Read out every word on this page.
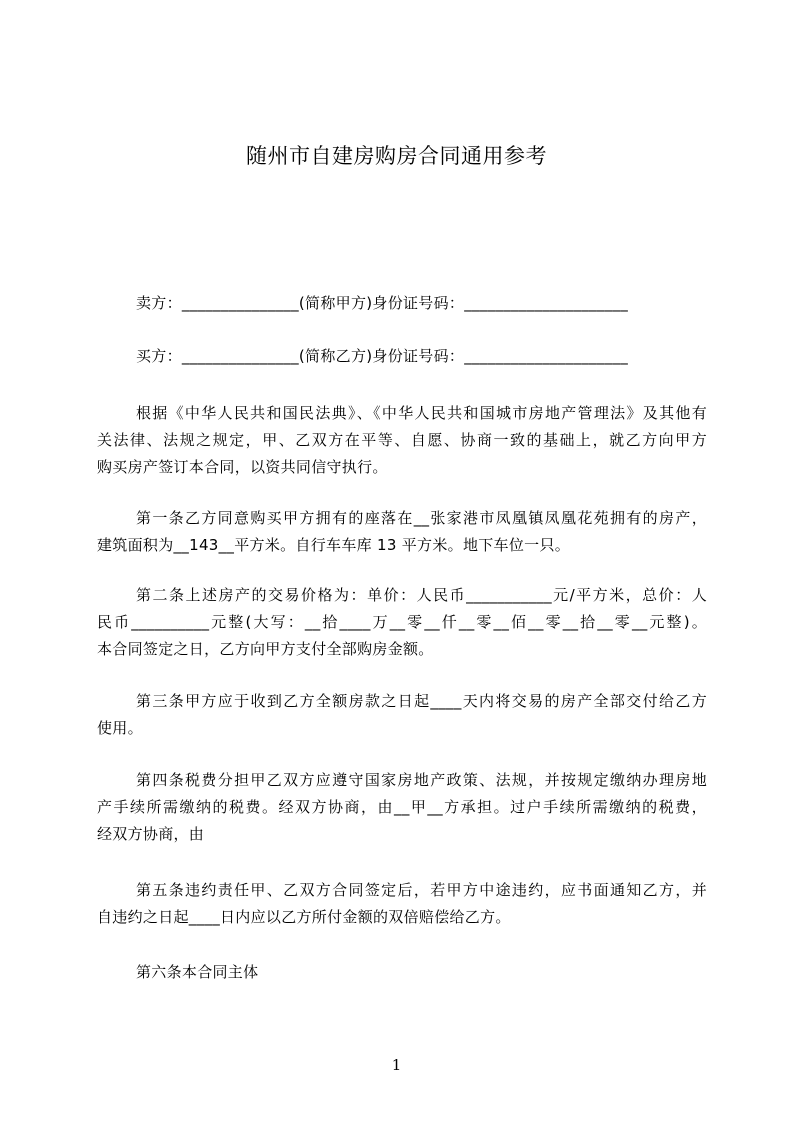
随州市自建房购房合同通用参考
卖方：_______________(简称甲方)身份证号码：_____________________
买方：_______________(简称乙方)身份证号码：_____________________
根据《中华人民共和国民法典》、《中华人民共和国城市房地产管理法》及其他有
关法律、法规之规定，甲、乙双方在平等、自愿、协商一致的基础上，就乙方向甲方
购买房产签订本合同，以资共同信守执行。
第一条乙方同意购买甲方拥有的座落在__张家港市凤凰镇凤凰花苑拥有的房产，
建筑面积为__143__平方米。自行车车库 13 平方米。地下车位一只。
第二条上述房产的交易价格为：单价：人民币___________元/平方米，总价：人
民币__________元整(大写：__拾____万__零__仟__零__佰__零__拾__零__元整)。
本合同签定之日，乙方向甲方支付全部购房金额。
第三条甲方应于收到乙方全额房款之日起____天内将交易的房产全部交付给乙方
使用。
第四条税费分担甲乙双方应遵守国家房地产政策、法规，并按规定缴纳办理房地
产手续所需缴纳的税费。经双方协商，由__甲__方承担。过户手续所需缴纳的税费，
经双方协商，由
第五条违约责任甲、乙双方合同签定后，若甲方中途违约，应书面通知乙方，并
自违约之日起____日内应以乙方所付金额的双倍赔偿给乙方。
第六条本合同主体
1
